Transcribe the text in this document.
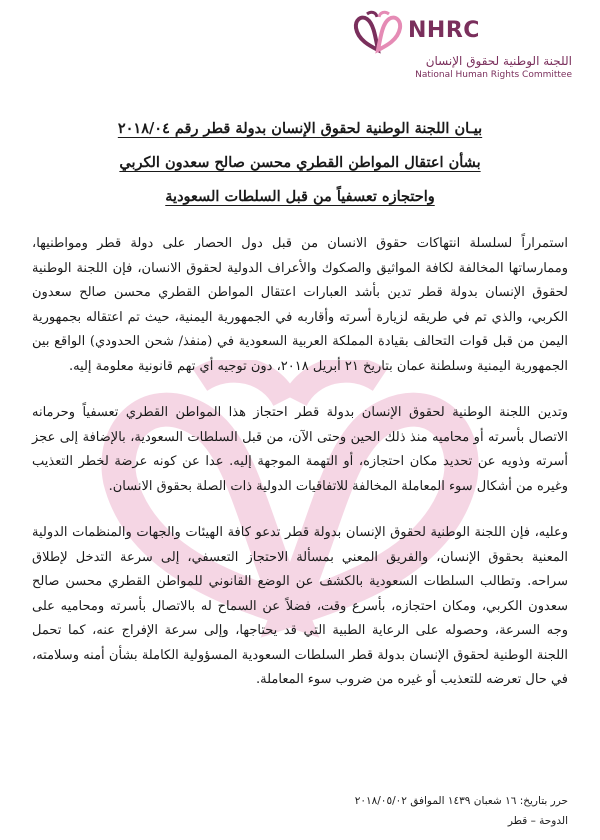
NHRC
اللجنة الوطنية لحقوق الإنسان
National Human Rights Committee
بيـان اللجنة الوطنية لحقوق الإنسان بدولة قطر رقم ٢٠١٨/٠٤
بشأن اعتقال المواطن القطري محسن صالح سعدون الكربي
واحتجازه تعسفياً من قبل السلطات السعودية

استمراراً لسلسلة انتهاكات حقوق الانسان من قبل دول الحصار على دولة قطر ومواطنيها، وممارساتها المخالفة لكافة المواثيق والصكوك والأعراف الدولية لحقوق الانسان، فإن اللجنة الوطنية لحقوق الإنسان بدولة قطر تدين بأشد العبارات اعتقال المواطن القطري محسن صالح سعدون الكربي، والذي تم في طريقه لزيارة أسرته وأقاربه في الجمهورية اليمنية، حيث تم اعتقاله بجمهورية اليمن من قبل قوات التحالف بقيادة المملكة العربية السعودية في (منفذ/ شحن الحدودي) الواقع بين الجمهورية اليمنية وسلطنة عمان بتاريخ ٢١ أبريل ٢٠١٨، دون توجيه أي تهم قانونية معلومة إليه.

وتدين اللجنة الوطنية لحقوق الإنسان بدولة قطر احتجاز هذا المواطن القطري تعسفياً وحرمانه الاتصال بأسرته أو محاميه منذ ذلك الحين وحتى الآن، من قبل السلطات السعودية، بالإضافة إلى عجز أسرته وذويه عن تحديد مكان احتجازه، أو التهمة الموجهة إليه. عدا عن كونه عرضة لخطر التعذيب وغيره من أشكال سوء المعاملة المخالفة للاتفاقيات الدولية ذات الصلة بحقوق الانسان.

وعليه، فإن اللجنة الوطنية لحقوق الإنسان بدولة قطر تدعو كافة الهيئات والجهات والمنظمات الدولية المعنية بحقوق الإنسان، والفريق المعني بمسألة الاحتجاز التعسفي، إلى سرعة التدخل لإطلاق سراحه. وتطالب السلطات السعودية بالكشف عن الوضع القانوني للمواطن القطري محسن صالح سعدون الكربي، ومكان احتجازه، بأسرع وقت، فضلاً عن السماح له بالاتصال بأسرته ومحاميه على وجه السرعة، وحصوله على الرعاية الطبية التي قد يحتاجها، وإلى سرعة الإفراج عنه، كما تحمل اللجنة الوطنية لحقوق الإنسان بدولة قطر السلطات السعودية المسؤولية الكاملة بشأن أمنه وسلامته، في حال تعرضه للتعذيب أو غيره من ضروب سوء المعاملة.

حرر بتاريخ: ١٦ شعبان ١٤٣٩ الموافق ٢٠١٨/٠٥/٠٢
الدوحة – قطر
